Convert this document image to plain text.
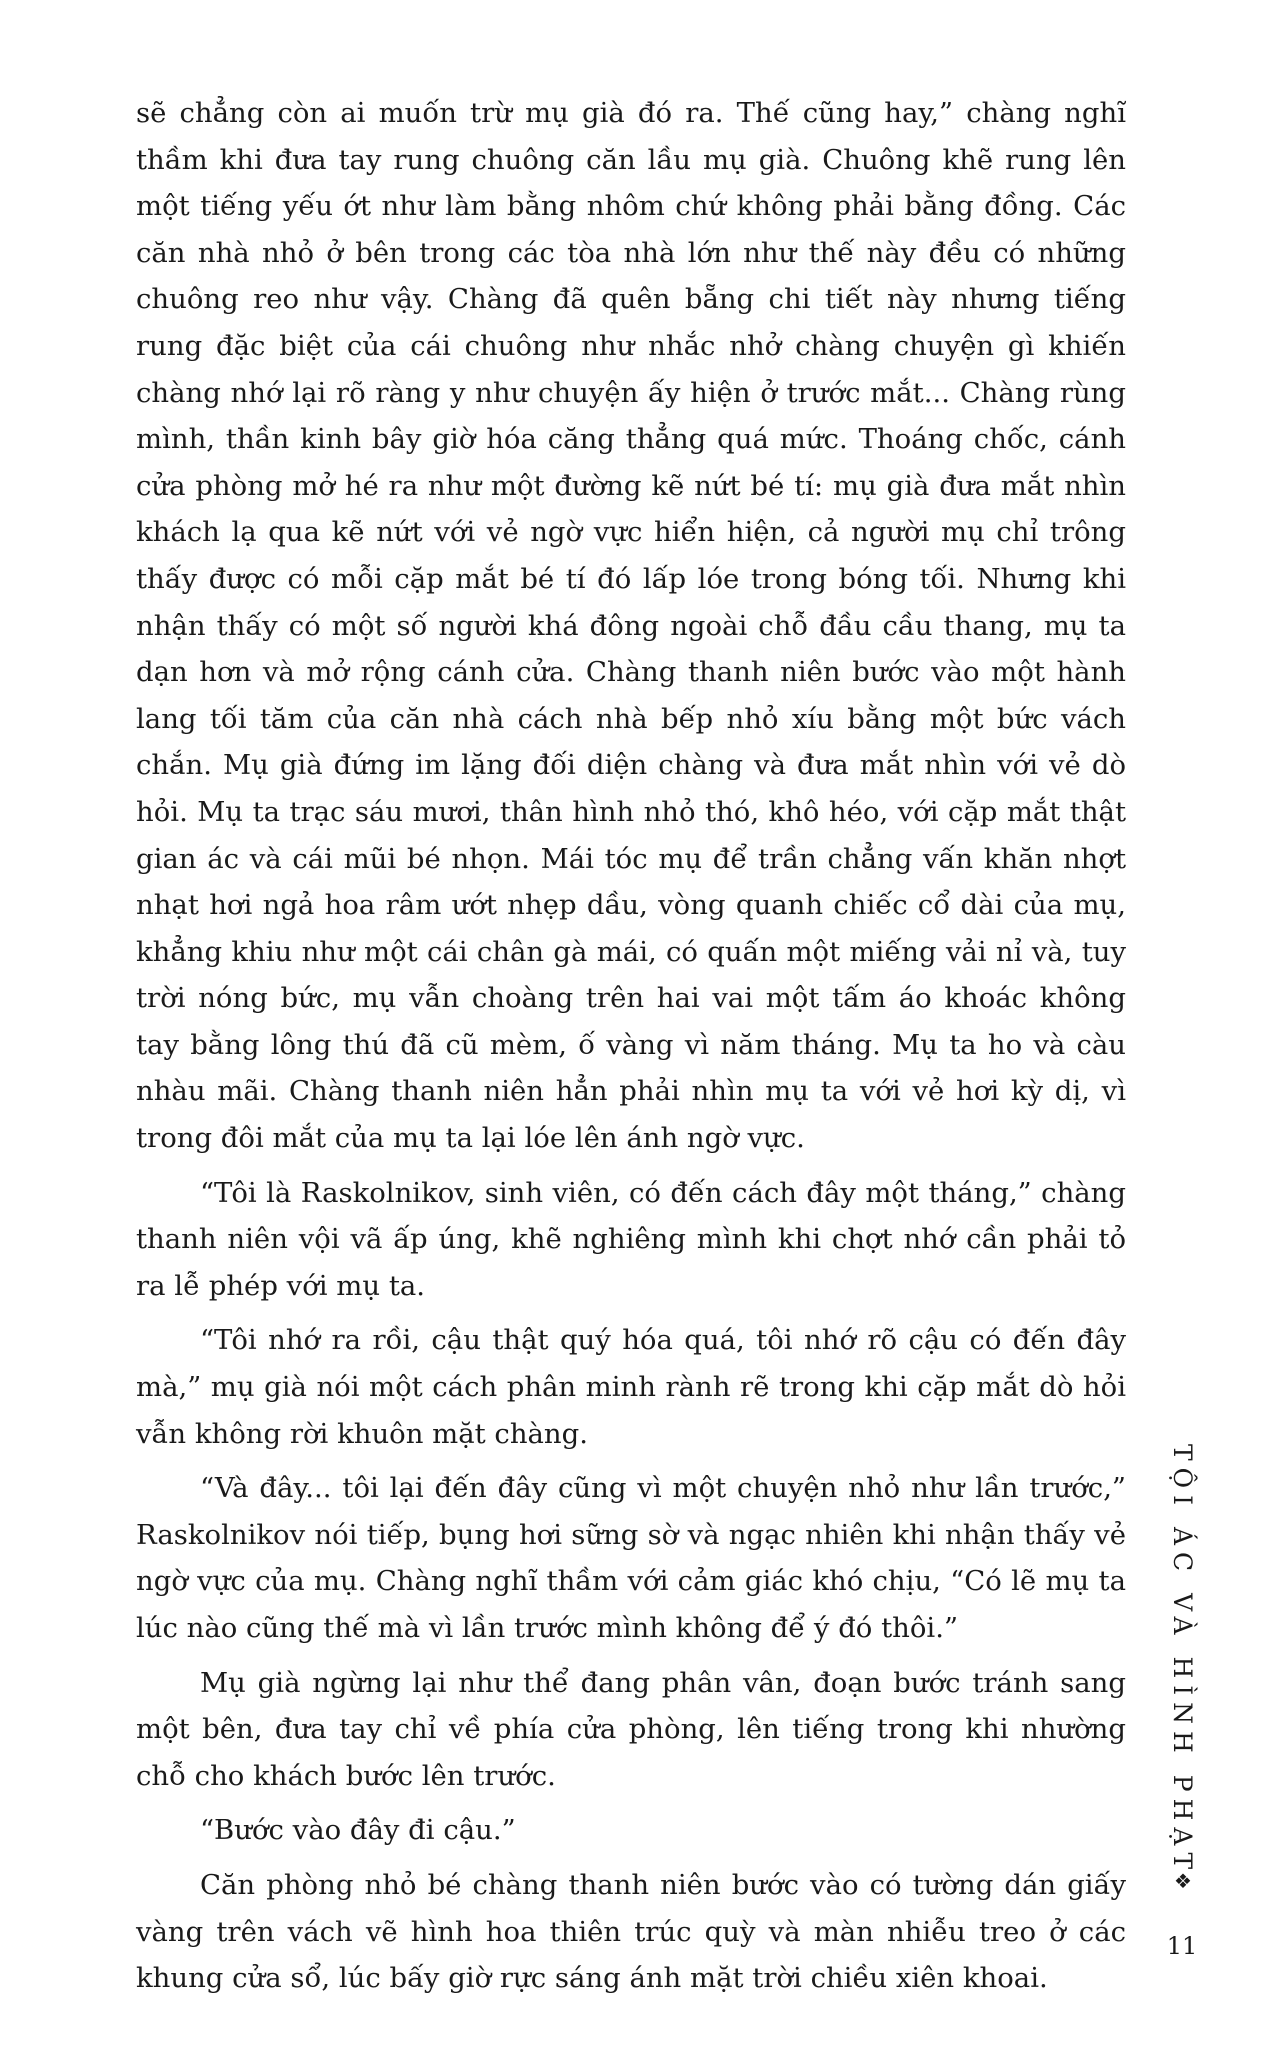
sẽ chẳng còn ai muốn trừ mụ già đó ra. Thế cũng hay,” chàng nghĩ thầm khi đưa tay rung chuông căn lầu mụ già. Chuông khẽ rung lên một tiếng yếu ớt như làm bằng nhôm chứ không phải bằng đồng. Các căn nhà nhỏ ở bên trong các tòa nhà lớn như thế này đều có những chuông reo như vậy. Chàng đã quên bẵng chi tiết này nhưng tiếng rung đặc biệt của cái chuông như nhắc nhở chàng chuyện gì khiến chàng nhớ lại rõ ràng y như chuyện ấy hiện ở trước mắt... Chàng rùng mình, thần kinh bây giờ hóa căng thẳng quá mức. Thoáng chốc, cánh cửa phòng mở hé ra như một đường kẽ nứt bé tí: mụ già đưa mắt nhìn khách lạ qua kẽ nứt với vẻ ngờ vực hiển hiện, cả người mụ chỉ trông thấy được có mỗi cặp mắt bé tí đó lấp lóe trong bóng tối. Nhưng khi nhận thấy có một số người khá đông ngoài chỗ đầu cầu thang, mụ ta dạn hơn và mở rộng cánh cửa. Chàng thanh niên bước vào một hành lang tối tăm của căn nhà cách nhà bếp nhỏ xíu bằng một bức vách chắn. Mụ già đứng im lặng đối diện chàng và đưa mắt nhìn với vẻ dò hỏi. Mụ ta trạc sáu mươi, thân hình nhỏ thó, khô héo, với cặp mắt thật gian ác và cái mũi bé nhọn. Mái tóc mụ để trần chẳng vấn khăn nhợt nhạt hơi ngả hoa râm ướt nhẹp dầu, vòng quanh chiếc cổ dài của mụ, khẳng khiu như một cái chân gà mái, có quấn một miếng vải nỉ và, tuy trời nóng bức, mụ vẫn choàng trên hai vai một tấm áo khoác không tay bằng lông thú đã cũ mèm, ố vàng vì năm tháng. Mụ ta ho và càu nhàu mãi. Chàng thanh niên hẳn phải nhìn mụ ta với vẻ hơi kỳ dị, vì trong đôi mắt của mụ ta lại lóe lên ánh ngờ vực.

“Tôi là Raskolnikov, sinh viên, có đến cách đây một tháng,” chàng thanh niên vội vã ấp úng, khẽ nghiêng mình khi chợt nhớ cần phải tỏ ra lễ phép với mụ ta.

“Tôi nhớ ra rồi, cậu thật quý hóa quá, tôi nhớ rõ cậu có đến đây mà,” mụ già nói một cách phân minh rành rẽ trong khi cặp mắt dò hỏi vẫn không rời khuôn mặt chàng.

“Và đây... tôi lại đến đây cũng vì một chuyện nhỏ như lần trước,” Raskolnikov nói tiếp, bụng hơi sững sờ và ngạc nhiên khi nhận thấy vẻ ngờ vực của mụ. Chàng nghĩ thầm với cảm giác khó chịu, “Có lẽ mụ ta lúc nào cũng thế mà vì lần trước mình không để ý đó thôi.”

Mụ già ngừng lại như thể đang phân vân, đoạn bước tránh sang một bên, đưa tay chỉ về phía cửa phòng, lên tiếng trong khi nhường chỗ cho khách bước lên trước.

“Bước vào đây đi cậu.”

Căn phòng nhỏ bé chàng thanh niên bước vào có tường dán giấy vàng trên vách vẽ hình hoa thiên trúc quỳ và màn nhiễu treo ở các khung cửa sổ, lúc bấy giờ rực sáng ánh mặt trời chiều xiên khoai.

TỘI ÁC VÀ HÌNH PHẠT
❖
11
